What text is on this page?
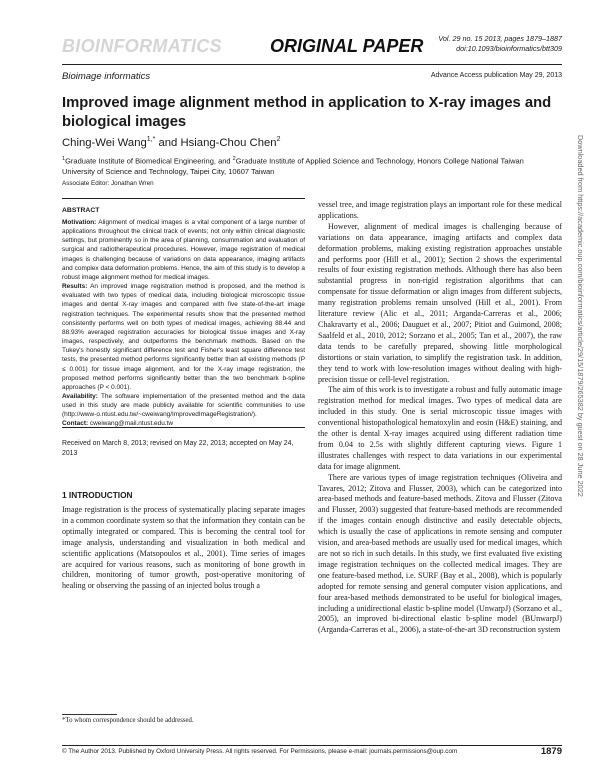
BIOINFORMATICS	ORIGINAL PAPER	Vol. 29 no. 15 2013, pages 1879–1887
doi:10.1093/bioinformatics/btt309
Bioimage informatics	Advance Access publication May 29, 2013
Improved image alignment method in application to X-ray images and biological images
Ching-Wei Wang$^{1,*}$ and Hsiang-Chou Chen$^2$
$^1$Graduate Institute of Biomedical Engineering, and $^2$Graduate Institute of Applied Science and Technology, Honors College National Taiwan University of Science and Technology, Taipei City, 10607 Taiwan
Associate Editor: Jonathan Wren
ABSTRACT
Motivation: Alignment of medical images is a vital component of a large number of applications throughout the clinical track of events; not only within clinical diagnostic settings, but prominently so in the area of planning, consummation and evaluation of surgical and radiotherapeutical procedures. However, image registration of medical images is challenging because of variations on data appearance, imaging artifacts and complex data deformation problems. Hence, the aim of this study is to develop a robust image alignment method for medical images.
Results: An improved image registration method is proposed, and the method is evaluated with two types of medical data, including biological microscopic tissue images and dental X-ray images and compared with five state-of-the-art image registration techniques. The experimental results show that the presented method consistently performs well on both types of medical images, achieving 88.44 and 88.93% averaged registration accuracies for biological tissue images and X-ray images, respectively, and outperforms the benchmark methods. Based on the Tukey's honestly significant difference test and Fisher's least square difference test tests, the presented method performs significantly better than all existing methods (P ≤ 0.001) for tissue image alignment, and for the X-ray image registration, the proposed method performs significantly better than the two benchmark b-spline approaches (P < 0.001).
Availability: The software implementation of the presented method and the data used in this study are made publicly available for scientific communities to use (http://www-o.ntust.edu.tw/~cweiwang/ImprovedImageRegistration/).
Contact: cweiwang@mail.ntust.edu.tw
Received on March 8, 2013; revised on May 22, 2013; accepted on May 24, 2013
1 INTRODUCTION
Image registration is the process of systematically placing separate images in a common coordinate system so that the information they contain can be optimally integrated or compared. This is becoming the central tool for image analysis, understanding and visualization in both medical and scientific applications (Matsopoulos et al., 2001). Time series of images are acquired for various reasons, such as monitoring of bone growth in children, monitoring of tumor growth, post-operative monitoring of healing or observing the passing of an injected bolus trough a
*To whom correspondence should be addressed.

vessel tree, and image registration plays an important role for these medical applications.

However, alignment of medical images is challenging because of variations on data appearance, imaging artifacts and complex data deformation problems, making existing registration approaches unstable and performs poor (Hill et al., 2001); Section 2 shows the experimental results of four existing registration methods. Although there has also been substantial progress in non-rigid registration algorithms that can compensate for tissue deformation or align images from different subjects, many registration problems remain unsolved (Hill et al., 2001). From literature review (Alic et al., 2011; Arganda-Carreras et al., 2006; Chakravarty et al., 2006; Dauguet et al., 2007; Pitiot and Guimond, 2008; Saalfeld et al., 2010, 2012; Sorzano et al., 2005; Tan et al., 2007), the raw data tends to be carefully prepared, showing little morphological distortions or stain variation, to simplify the registration task. In addition, they tend to work with low-resolution images without dealing with high-precision tissue or cell-level registration.

The aim of this work is to investigate a robust and fully automatic image registration method for medical images. Two types of medical data are included in this study. One is serial microscopic tissue images with conventional histopathological hematoxylin and eosin (H&E) staining, and the other is dental X-ray images acquired using different radiation time from 0.04 to 2.5s with slightly different capturing views. Figure 1 illustrates challenges with respect to data variations in our experimental data for image alignment.

There are various types of image registration techniques (Oliveira and Tavares, 2012; Zitova and Flusser, 2003), which can be categorized into area-based methods and feature-based methods. Zitova and Flusser (Zitova and Flusser, 2003) suggested that feature-based methods are recommended if the images contain enough distinctive and easily detectable objects, which is usually the case of applications in remote sensing and computer vision, and area-based methods are usually used for medical images, which are not so rich in such details. In this study, we first evaluated five existing image registration techniques on the collected medical images. They are one feature-based method, i.e. SURF (Bay et al., 2008), which is popularly adopted for remote sensing and general computer vision applications, and four area-based methods demonstrated to be useful for biological images, including a unidirectional elastic b-spline model (UnwarpJ) (Sorzano et al., 2005), an improved bi-directional elastic b-spline model (BUnwarpJ) (Arganda-Carreras et al., 2006), a state-of-the-art 3D reconstruction system

© The Author 2013. Published by Oxford University Press. All rights reserved. For Permissions, please e-mail: journals.permissions@oup.com	1879
Downloaded from https://academic.oup.com/bioinformatics/article/29/15/1879/265382 by guest on 28 June 2022
